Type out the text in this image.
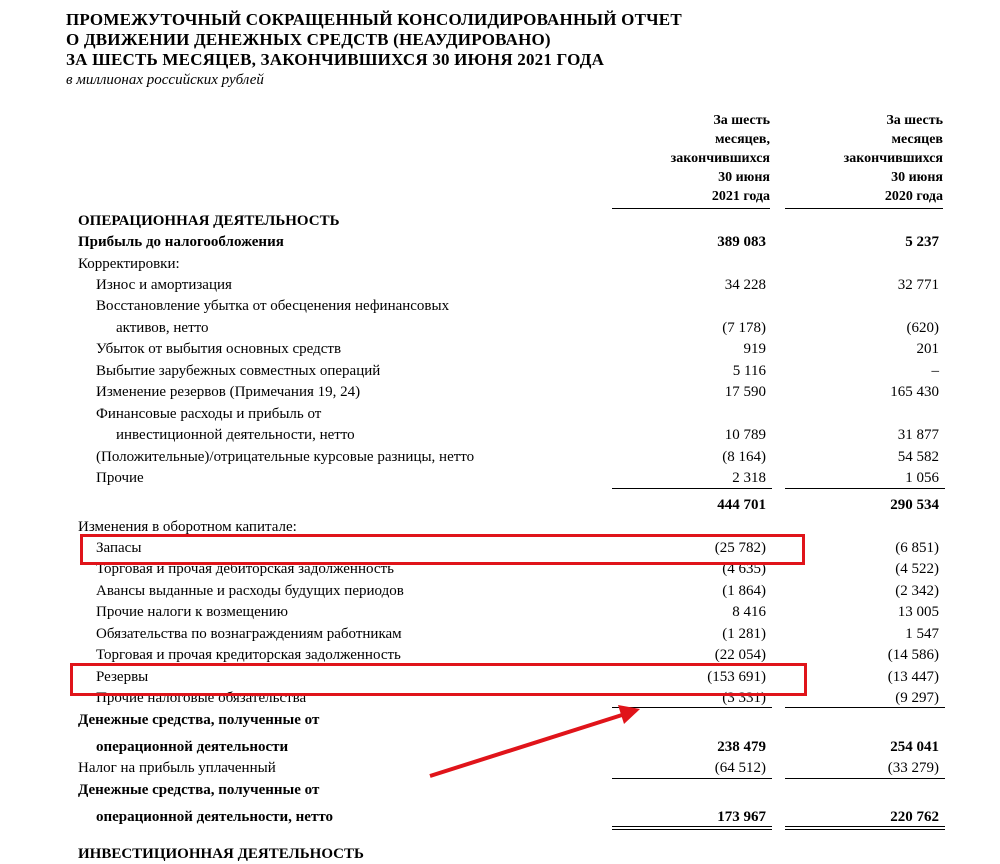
ПРОМЕЖУТОЧНЫЙ СОКРАЩЕННЫЙ КОНСОЛИДИРОВАННЫЙ ОТЧЕТ
О ДВИЖЕНИИ ДЕНЕЖНЫХ СРЕДСТВ (НЕАУДИРОВАНО)
ЗА ШЕСТЬ МЕСЯЦЕВ, ЗАКОНЧИВШИХСЯ 30 ИЮНЯ 2021 ГОДА
в миллионах российских рублей
За шесть
месяцев,
закончившихся
30 июня
2021 года
За шесть
месяцев
закончившихся
30 июня
2020 года
ОПЕРАЦИОННАЯ ДЕЯТЕЛЬНОСТЬ
Прибыль до налогообложения	389 083	5 237
Корректировки:
Износ и амортизация	34 228	32 771
Восстановление убытка от обесценения нефинансовых
активов, нетто	(7 178)	(620)
Убыток от выбытия основных средств	919	201
Выбытие зарубежных совместных операций	5 116	–
Изменение резервов (Примечания 19, 24)	17 590	165 430
Финансовые расходы и прибыль от
инвестиционной деятельности, нетто	10 789	31 877
(Положительные)/отрицательные курсовые разницы, нетто	(8 164)	54 582
Прочие	2 318	1 056
444 701	290 534
Изменения в оборотном капитале:
Запасы	(25 782)	(6 851)
Торговая и прочая дебиторская задолженность	(4 635)	(4 522)
Авансы выданные и расходы будущих периодов	(1 864)	(2 342)
Прочие налоги к возмещению	8 416	13 005
Обязательства по вознаграждениям работникам	(1 281)	1 547
Торговая и прочая кредиторская задолженность	(22 054)	(14 586)
Резервы	(153 691)	(13 447)
Прочие налоговые обязательства	(3 331)	(9 297)
Денежные средства, полученные от
операционной деятельности	238 479	254 041
Налог на прибыль уплаченный	(64 512)	(33 279)
Денежные средства, полученные от
операционной деятельности, нетто	173 967	220 762
ИНВЕСТИЦИОННАЯ ДЕЯТЕЛЬНОСТЬ
